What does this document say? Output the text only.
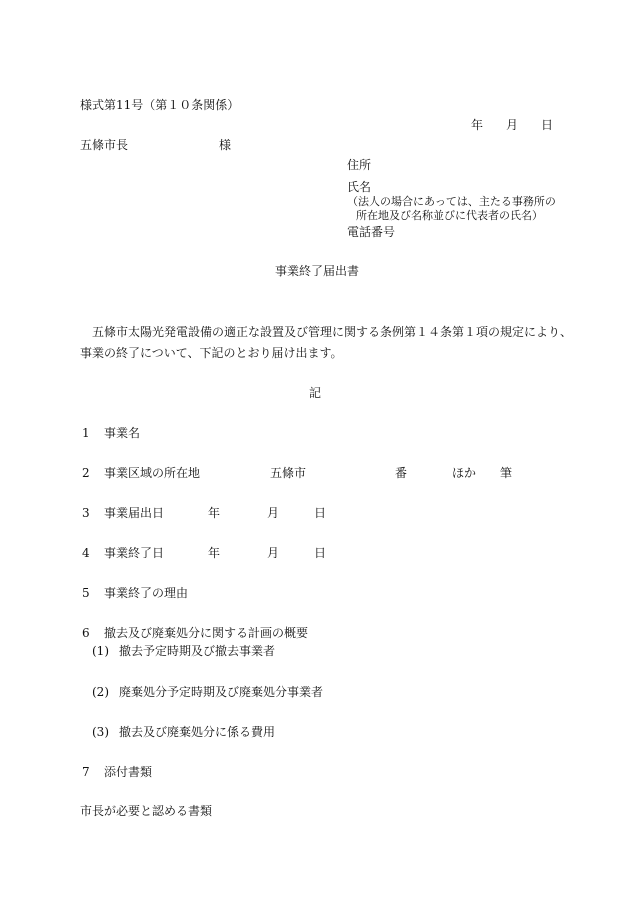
様式第11号（第１０条関係）
年 月 日
五條市長	様
住所
氏名
（法人の場合にあっては、主たる事務所の
所在地及び名称並びに代表者の氏名）
電話番号
事業終了届出書
五條市太陽光発電設備の適正な設置及び管理に関する条例第１４条第１項の規定により、
事業の終了について、下記のとおり届け出ます。
記
1 事業名
2 事業区域の所在地	五條市	番	ほか 筆
3 事業届出日	年	月	日
4 事業終了日	年	月	日
5 事業終了の理由
6 撤去及び廃棄処分に関する計画の概要
(1) 撤去予定時期及び撤去事業者
(2) 廃棄処分予定時期及び廃棄処分事業者
(3) 撤去及び廃棄処分に係る費用
7 添付書類
市長が必要と認める書類
